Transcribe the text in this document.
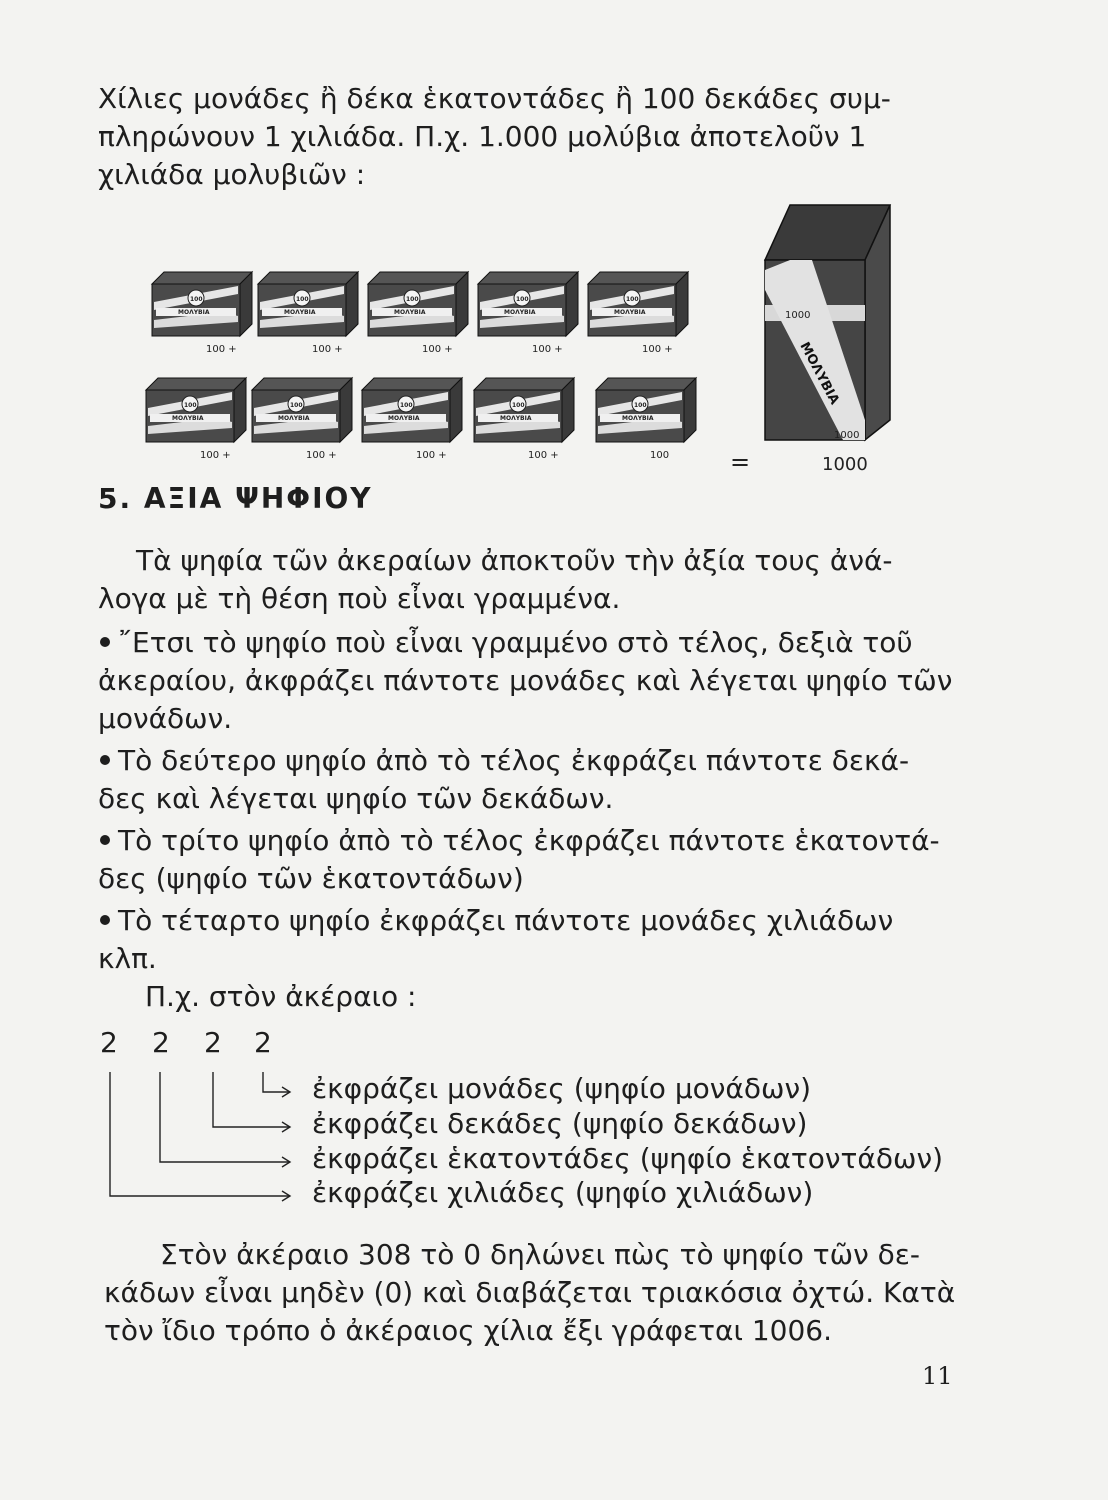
Χίλιες μονάδες ἢ δέκα ἑκατοντάδες ἢ 100 δεκάδες συμ-
πληρώνουν 1 χιλιάδα. Π.χ. 1.000 μολύβια ἀποτελοῦν 1
χιλιάδα μολυβιῶν :
100
ΜΟΛΥΒΙΑ
100 +
100
ΜΟΛΥΒΙΑ
100 +
100
ΜΟΛΥΒΙΑ
100 +
100
ΜΟΛΥΒΙΑ
100 +
100
ΜΟΛΥΒΙΑ
100 +
100
ΜΟΛΥΒΙΑ
100 +
100
ΜΟΛΥΒΙΑ
100 +
100
ΜΟΛΥΒΙΑ
100 +
100
ΜΟΛΥΒΙΑ
100 +
100
ΜΟΛΥΒΙΑ
100	=
1000
ΜΟΛΥΒΙΑ
1000
1000
5. ΑΞΙΑ ΨΗΦΙΟΥ
Τὰ ψηφία τῶν ἀκεραίων ἀποκτοῦν τὴν ἀξία τους ἀνά-
λογα μὲ τὴ θέση ποὺ εἶναι γραμμένα.
῎Ετσι τὸ ψηφίο ποὺ εἶναι γραμμένο στὸ τέλος, δεξιὰ τοῦ
ἀκεραίου, ἀκφράζει πάντοτε μονάδες καὶ λέγεται ψηφίο τῶν
μονάδων.
Τὸ δεύτερο ψηφίο ἀπὸ τὸ τέλος ἐκφράζει πάντοτε δεκά-
δες καὶ λέγεται ψηφίο τῶν δεκάδων.
Τὸ τρίτο ψηφίο ἀπὸ τὸ τέλος ἐκφράζει πάντοτε ἑκατοντά-
δες (ψηφίο τῶν ἑκατοντάδων)
Τὸ τέταρτο ψηφίο ἐκφράζει πάντοτε μονάδες χιλιάδων
κλπ.
Π.χ. στὸν ἀκέραιο :
2 2 2 2
ἐκφράζει μονάδες (ψηφίο μονάδων)
ἐκφράζει δεκάδες (ψηφίο δεκάδων)
ἐκφράζει ἑκατοντάδες (ψηφίο ἑκατοντάδων)
ἐκφράζει χιλιάδες (ψηφίο χιλιάδων)
Στὸν ἀκέραιο 308 τὸ 0 δηλώνει πὼς τὸ ψηφίο τῶν δε-
κάδων εἶναι μηδὲν (0) καὶ διαβάζεται τριακόσια ὀχτώ. Κατὰ
τὸν ἴδιο τρόπο ὁ ἀκέραιος χίλια ἔξι γράφεται 1006.
11
